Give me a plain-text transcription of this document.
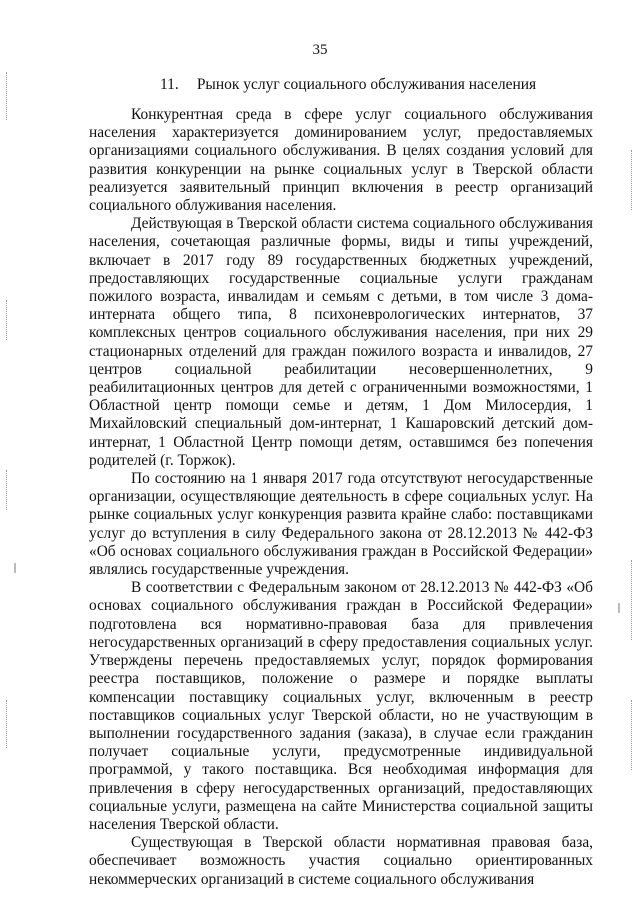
35
11. Рынок услуг социального обслуживания населения

Конкурентная среда в сфере услуг социального обслуживания населения характеризуется доминированием услуг, предоставляемых организациями социального обслуживания. В целях создания условий для развития конкуренции на рынке социальных услуг в Тверской области реализуется заявительный принцип включения в реестр организаций социального облуживания населения.

Действующая в Тверской области система социального обслуживания населения, сочетающая различные формы, виды и типы учреждений, включает в 2017 году 89 государственных бюджетных учреждений, предоставляющих государственные социальные услуги гражданам пожилого возраста, инвалидам и семьям с детьми, в том числе 3 дома-интерната общего типа, 8 психоневрологических интернатов, 37 комплексных центров социального обслуживания населения, при них 29 стационарных отделений для граждан пожилого возраста и инвалидов, 27 центров социальной реабилитации несовершеннолетних, 9 реабилитационных центров для детей с ограниченными возможностями, 1 Областной центр помощи семье и детям, 1 Дом Милосердия, 1 Михайловский специальный дом-интернат, 1 Кашаровский детский дом-интернат, 1 Областной Центр помощи детям, оставшимся без попечения родителей (г. Торжок).

По состоянию на 1 января 2017 года отсутствуют негосударственные организации, осуществляющие деятельность в сфере социальных услуг. На рынке социальных услуг конкуренция развита крайне слабо: поставщиками услуг до вступления в силу Федерального закона от 28.12.2013 № 442-ФЗ «Об основах социального обслуживания граждан в Российской Федерации» являлись государственные учреждения.

В соответствии с Федеральным законом от 28.12.2013 № 442-ФЗ «Об основах социального обслуживания граждан в Российской Федерации» подготовлена вся нормативно-правовая база для привлечения негосударственных организаций в сферу предоставления социальных услуг. Утверждены перечень предоставляемых услуг, порядок формирования реестра поставщиков, положение о размере и порядке выплаты компенсации поставщику социальных услуг, включенным в реестр поставщиков социальных услуг Тверской области, но не участвующим в выполнении государственного задания (заказа), в случае если гражданин получает социальные услуги, предусмотренные индивидуальной программой, у такого поставщика. Вся необходимая информация для привлечения в сферу негосударственных организаций, предоставляющих социальные услуги, размещена на сайте Министерства социальной защиты населения Тверской области.

Существующая в Тверской области нормативная правовая база, обеспечивает возможность участия социально ориентированных некоммерческих организаций в системе социального обслуживания
